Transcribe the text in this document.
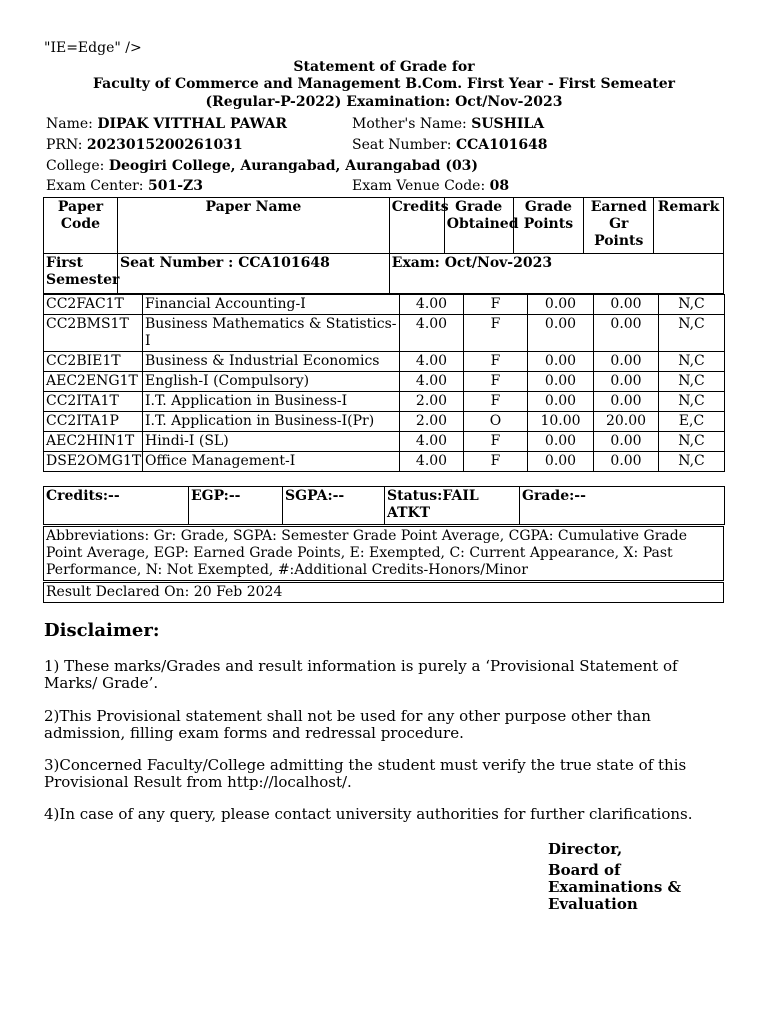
"IE=Edge" />
Statement of Grade for
Faculty of Commerce and Management B.Com. First Year - First Semeater
(Regular-P-2022) Examination: Oct/Nov-2023
Name: DIPAK VITTHAL PAWAR	Mother's Name: SUSHILA
PRN: 2023015200261031	Seat Number: CCA101648
College: Deogiri College, Aurangabad, Aurangabad (03)
Exam Center: 501-Z3	Exam Venue Code: 08
Paper Code	Paper Name	Credits	Grade Obtained	Grade Points	Earned Gr Points	Remark
First Semester	Seat Number : CCA101648	Exam: Oct/Nov-2023				
CC2FAC1T	Financial Accounting-I	4.00	F	0.00	0.00	N,C
CC2BMS1T	Business Mathematics & Statistics-I	4.00	F	0.00	0.00	N,C
CC2BIE1T	Business & Industrial Economics	4.00	F	0.00	0.00	N,C
AEC2ENG1T	English-I (Compulsory)	4.00	F	0.00	0.00	N,C
CC2ITA1T	I.T. Application in Business-I	2.00	F	0.00	0.00	N,C
CC2ITA1P	I.T. Application in Business-I(Pr)	2.00	O	10.00	20.00	E,C
AEC2HIN1T	Hindi-I (SL)	4.00	F	0.00	0.00	N,C
DSE2OMG1T	Office Management-I	4.00	F	0.00	0.00	N,C
Credits:--	EGP:--	SGPA:--	Status:FAIL ATKT	Grade:--
Abbreviations: Gr: Grade, SGPA: Semester Grade Point Average, CGPA: Cumulative Grade Point Average, EGP: Earned Grade Points, E: Exempted, C: Current Appearance, X: Past Performance, N: Not Exempted, #:Additional Credits-Honors/Minor
Result Declared On: 20 Feb 2024
Disclaimer:
1) These marks/Grades and result information is purely a ‘Provisional Statement of Marks/ Grade’.
2)This Provisional statement shall not be used for any other purpose other than admission, filling exam forms and redressal procedure.
3)Concerned Faculty/College admitting the student must verify the true state of this Provisional Result from http://localhost/.
4)In case of any query, please contact university authorities for further clarifications.
Director,
Board of
Examinations &
Evaluation
